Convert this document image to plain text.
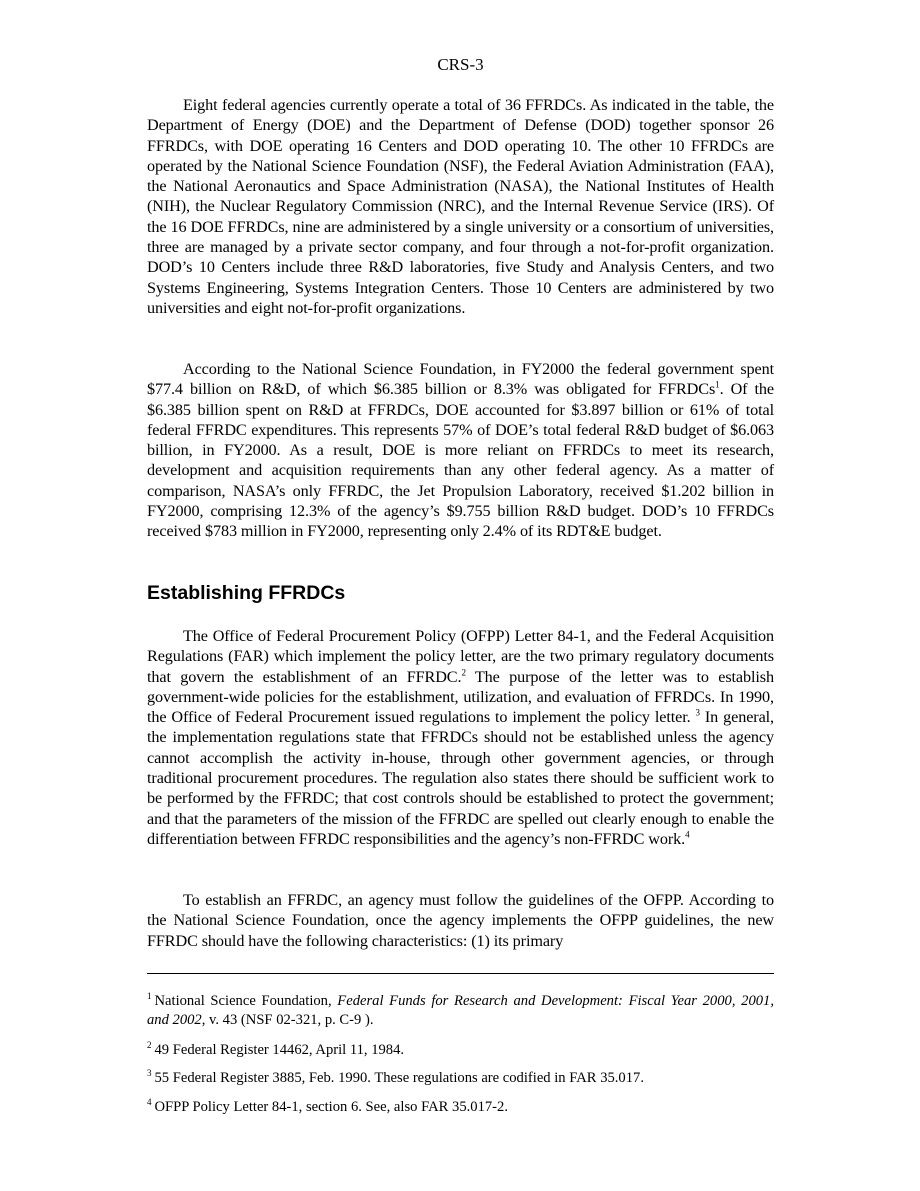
CRS-3

Eight federal agencies currently operate a total of 36 FFRDCs. As indicated in the table, the Department of Energy (DOE) and the Department of Defense (DOD) together sponsor 26 FFRDCs, with DOE operating 16 Centers and DOD operating 10. The other 10 FFRDCs are operated by the National Science Foundation (NSF), the Federal Aviation Administration (FAA), the National Aeronautics and Space Administration (NASA), the National Institutes of Health (NIH), the Nuclear Regulatory Commission (NRC), and the Internal Revenue Service (IRS). Of the 16 DOE FFRDCs, nine are administered by a single university or a consortium of universities, three are managed by a private sector company, and four through a not-for-profit organization. DOD’s 10 Centers include three R&D laboratories, five Study and Analysis Centers, and two Systems Engineering, Systems Integration Centers. Those 10 Centers are administered by two universities and eight not-for-profit organizations.

According to the National Science Foundation, in FY2000 the federal government spent $77.4 billion on R&D, of which $6.385 billion or 8.3% was obligated for FFRDCs$^1$. Of the $6.385 billion spent on R&D at FFRDCs, DOE accounted for $3.897 billion or 61% of total federal FFRDC expenditures. This represents 57% of DOE’s total federal R&D budget of $6.063 billion, in FY2000. As a result, DOE is more reliant on FFRDCs to meet its research, development and acquisition requirements than any other federal agency. As a matter of comparison, NASA’s only FFRDC, the Jet Propulsion Laboratory, received $1.202 billion in FY2000, comprising 12.3% of the agency’s $9.755 billion R&D budget. DOD’s 10 FFRDCs received $783 million in FY2000, representing only 2.4% of its RDT&E budget.

Establishing FFRDCs

The Office of Federal Procurement Policy (OFPP) Letter 84-1, and the Federal Acquisition Regulations (FAR) which implement the policy letter, are the two primary regulatory documents that govern the establishment of an FFRDC.$^2$ The purpose of the letter was to establish government-wide policies for the establishment, utilization, and evaluation of FFRDCs. In 1990, the Office of Federal Procurement issued regulations to implement the policy letter. $^3$ In general, the implementation regulations state that FFRDCs should not be established unless the agency cannot accomplish the activity in-house, through other government agencies, or through traditional procurement procedures. The regulation also states there should be sufficient work to be performed by the FFRDC; that cost controls should be established to protect the government; and that the parameters of the mission of the FFRDC are spelled out clearly enough to enable the differentiation between FFRDC responsibilities and the agency’s non-FFRDC work.$^4$

To establish an FFRDC, an agency must follow the guidelines of the OFPP. According to the National Science Foundation, once the agency implements the OFPP guidelines, the new FFRDC should have the following characteristics: (1) its primary

$^1$ National Science Foundation, Federal Funds for Research and Development: Fiscal Year 2000, 2001, and 2002, v. 43 (NSF 02-321, p. C-9 ).

$^2$ 49 Federal Register 14462, April 11, 1984.

$^3$ 55 Federal Register 3885, Feb. 1990. These regulations are codified in FAR 35.017.

$^4$ OFPP Policy Letter 84-1, section 6. See, also FAR 35.017-2.
